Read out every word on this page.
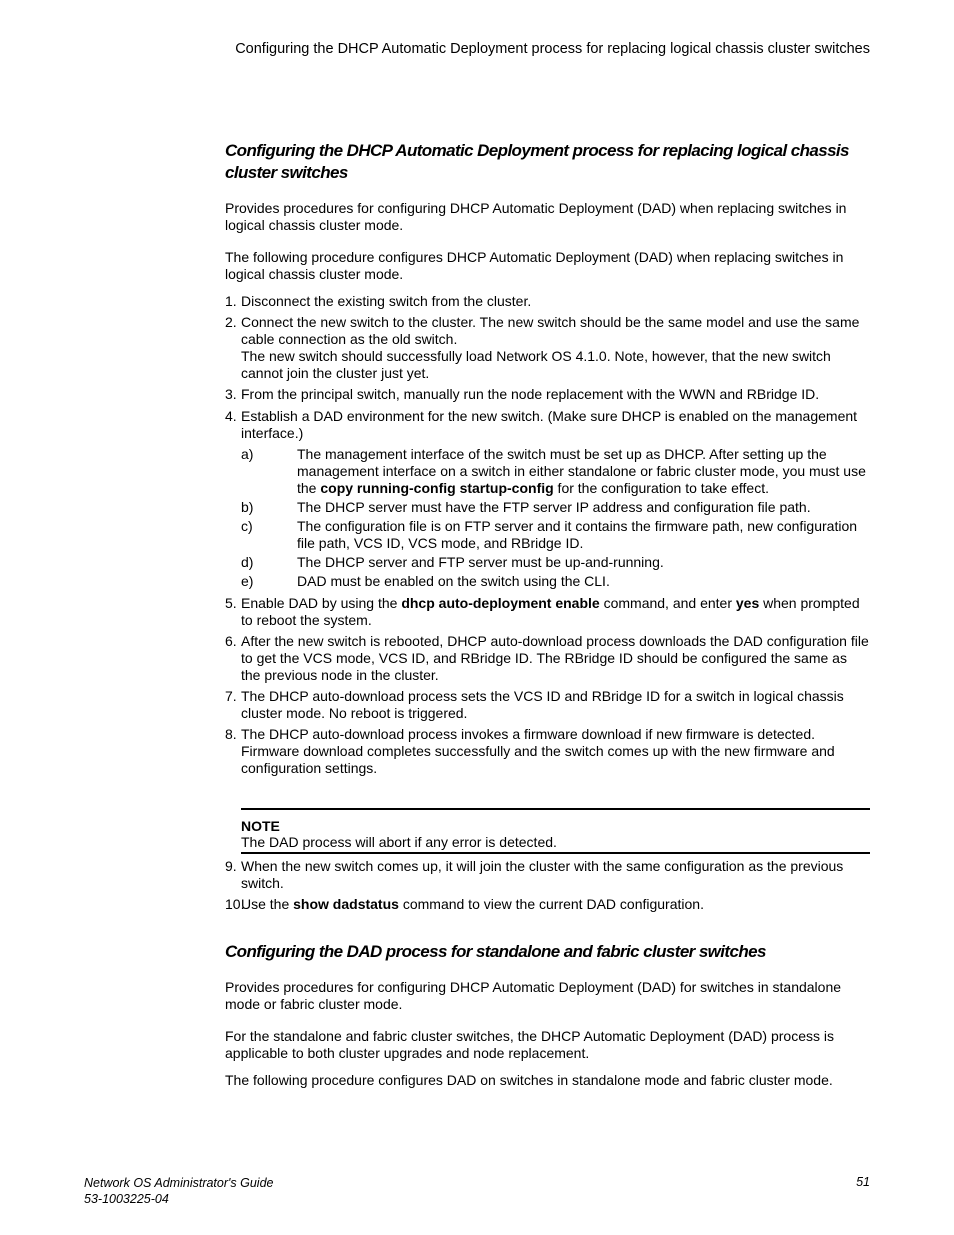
Configuring the DHCP Automatic Deployment process for replacing logical chassis cluster switches
Configuring the DHCP Automatic Deployment process for replacing logical chassis cluster switches

Provides procedures for configuring DHCP Automatic Deployment (DAD) when replacing switches in logical chassis cluster mode.

The following procedure configures DHCP Automatic Deployment (DAD) when replacing switches in logical chassis cluster mode.

1. Disconnect the existing switch from the cluster.
2. Connect the new switch to the cluster. The new switch should be the same model and use the same cable connection as the old switch.
The new switch should successfully load Network OS 4.1.0. Note, however, that the new switch cannot join the cluster just yet.
3. From the principal switch, manually run the node replacement with the WWN and RBridge ID.
4. Establish a DAD environment for the new switch. (Make sure DHCP is enabled on the management interface.)
a)	The management interface of the switch must be set up as DHCP. After setting up the management interface on a switch in either standalone or fabric cluster mode, you must use the copy running-config startup-config for the configuration to take effect.
b)	The DHCP server must have the FTP server IP address and configuration file path.
c)	The configuration file is on FTP server and it contains the firmware path, new configuration file path, VCS ID, VCS mode, and RBridge ID.
d)	The DHCP server and FTP server must be up-and-running.
e)	DAD must be enabled on the switch using the CLI.
5. Enable DAD by using the dhcp auto-deployment enable command, and enter yes when prompted to reboot the system.
6. After the new switch is rebooted, DHCP auto-download process downloads the DAD configuration file to get the VCS mode, VCS ID, and RBridge ID. The RBridge ID should be configured the same as the previous node in the cluster.
7. The DHCP auto-download process sets the VCS ID and RBridge ID for a switch in logical chassis cluster mode. No reboot is triggered.
8. The DHCP auto-download process invokes a firmware download if new firmware is detected. Firmware download completes successfully and the switch comes up with the new firmware and configuration settings.
NOTE
The DAD process will abort if any error is detected.
9. When the new switch comes up, it will join the cluster with the same configuration as the previous switch.
10.
Use the show dadstatus command to view the current DAD configuration.
Configuring the DAD process for standalone and fabric cluster switches

Provides procedures for configuring DHCP Automatic Deployment (DAD) for switches in standalone mode or fabric cluster mode.

For the standalone and fabric cluster switches, the DHCP Automatic Deployment (DAD) process is applicable to both cluster upgrades and node replacement.

The following procedure configures DAD on switches in standalone mode and fabric cluster mode.

Network OS Administrator's Guide
53-1003225-04
51
